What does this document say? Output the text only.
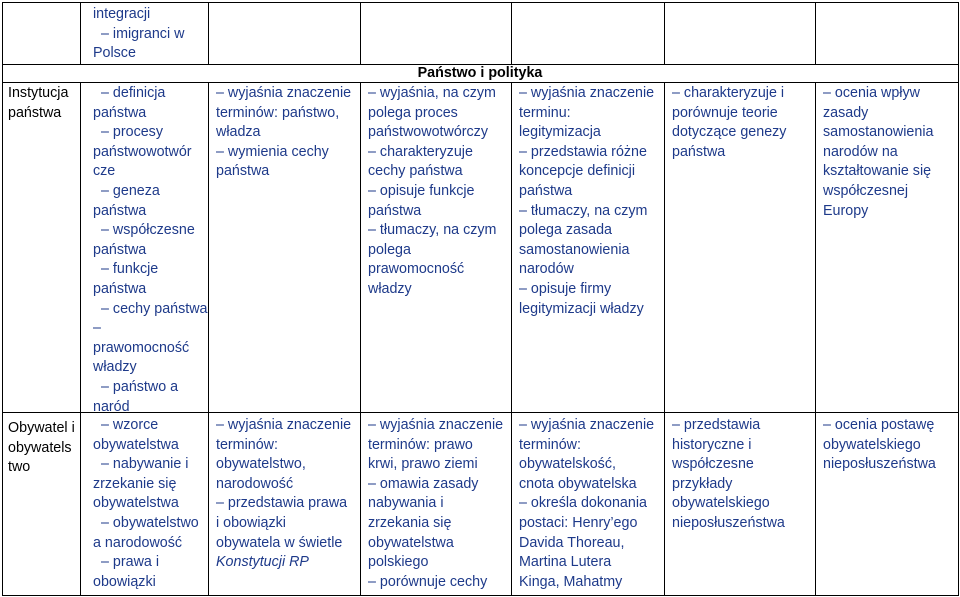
integracji
– imigranci w
Polsce
Państwo i polityka
Instytucja
państwa
– definicja
państwa
– procesy
państwowotwór
cze
– geneza
państwa
– współczesne
państwa
– funkcje
państwa
– cechy państwa
–
prawomocność
władzy
– państwo a
naród
– wyjaśnia znaczenie
terminów: państwo,
władza
– wymienia cechy
państwa
– wyjaśnia, na czym
polega proces
państwowotwórczy
– charakteryzuje
cechy państwa
– opisuje funkcje
państwa
– tłumaczy, na czym
polega
prawomocność
władzy
– wyjaśnia znaczenie
terminu:
legitymizacja
– przedstawia różne
koncepcje definicji
państwa
– tłumaczy, na czym
polega zasada
samostanowienia
narodów
– opisuje firmy
legitymizacji władzy
– charakteryzuje i
porównuje teorie
dotyczące genezy
państwa
– ocenia wpływ
zasady
samostanowienia
narodów na
kształtowanie się
współczesnej
Europy
Obywatel i
obywatels
two
– wzorce
obywatelstwa
– nabywanie i
zrzekanie się
obywatelstwa
– obywatelstwo
a narodowość
– prawa i
obowiązki
– wyjaśnia znaczenie
terminów:
obywatelstwo,
narodowość
– przedstawia prawa
i obowiązki
obywatela w świetle
Konstytucji RP
– wyjaśnia znaczenie
terminów: prawo
krwi, prawo ziemi
– omawia zasady
nabywania i
zrzekania się
obywatelstwa
polskiego
– porównuje cechy
– wyjaśnia znaczenie
terminów:
obywatelskość,
cnota obywatelska
– określa dokonania
postaci: Henry’ego
Davida Thoreau,
Martina Lutera
Kinga, Mahatmy
– przedstawia
historyczne i
współczesne
przykłady
obywatelskiego
nieposłuszeństwa
– ocenia postawę
obywatelskiego
nieposłuszeństwa
